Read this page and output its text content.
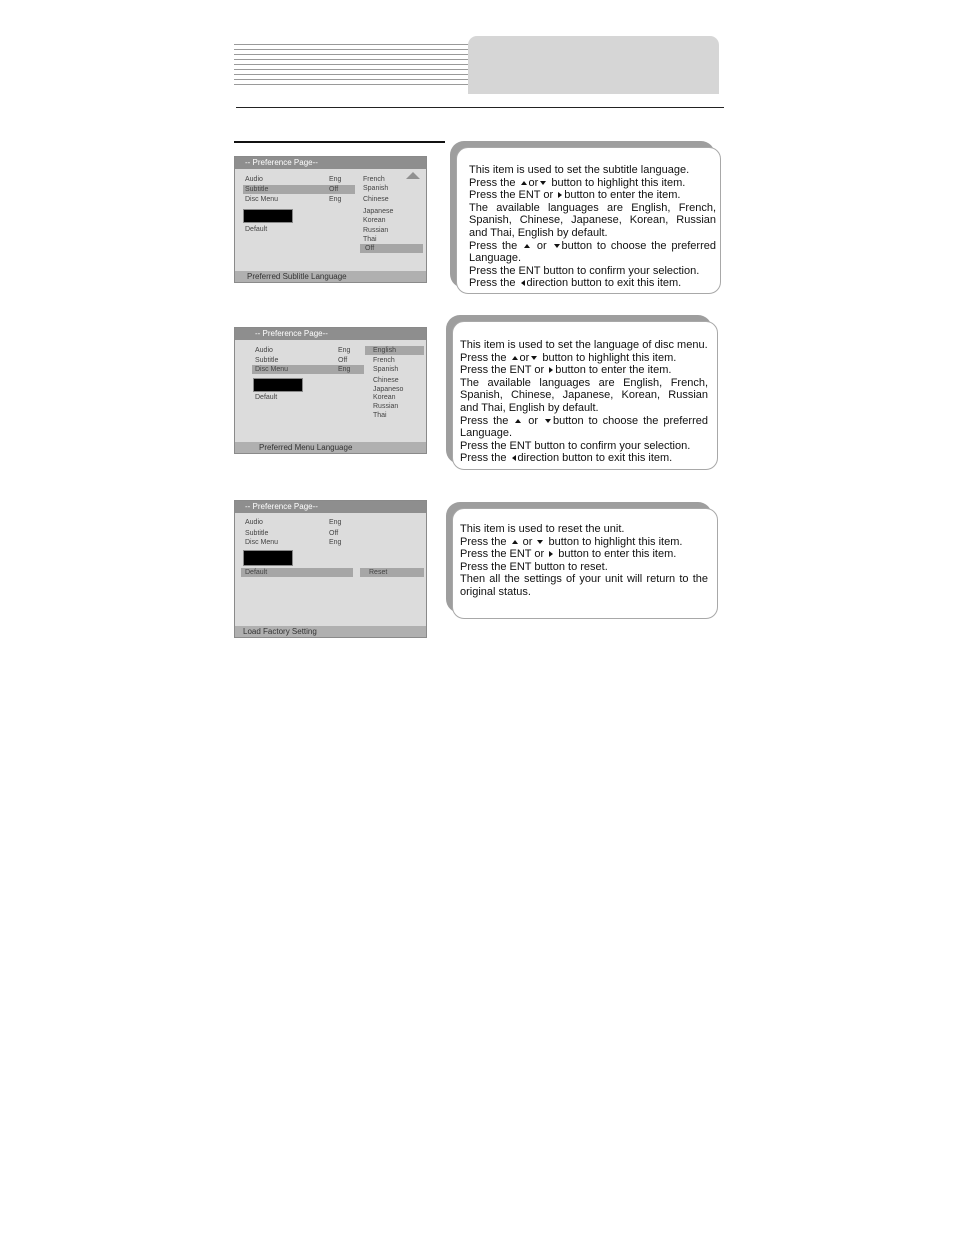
-- Preference Page--
Audio
Subtitle
Disc Menu
Default
Eng
Off
Eng
French
Spanish
Chinese
Japanese
Korean
Russian
Thai
Off
Preferred Sublitle Language
-- Preference Page--
Audio
Subtitle
Disc Menu
Default
Eng
Off
Eng
English
French
Spanish
Chinese
Japaneso
Korean
Russian
Thai
Preferred Menu Language
-- Preference Page--
Audio
Subtitle
Disc Menu
Default	Reset
Eng
Off
Eng
Load Factory Setting

This item is used to set the subtitle language.

Press the or button to highlight this item.

Press the ENT or button to enter the item.

The available languages are English, French, Spanish, Chinese, Japanese, Korean, Russian and Thai, English by default.

Press the or button to choose the preferred Language.

Press the ENT button to confirm your selection.

Press the direction button to exit this item.

This item is used to set the language of disc menu.

Press the or button to highlight this item.

Press the ENT or button to enter the item.

The available languages are English, French, Spanish, Chinese, Japanese, Korean, Russian and Thai, English by default.

Press the or button to choose the preferred Language.

Press the ENT button to confirm your selection.

Press the direction button to exit this item.

This item is used to reset the unit.

Press the or button to highlight this item.

Press the ENT or button to enter this item.

Press the ENT button to reset.

Then all the settings of your unit will return to the original status.
